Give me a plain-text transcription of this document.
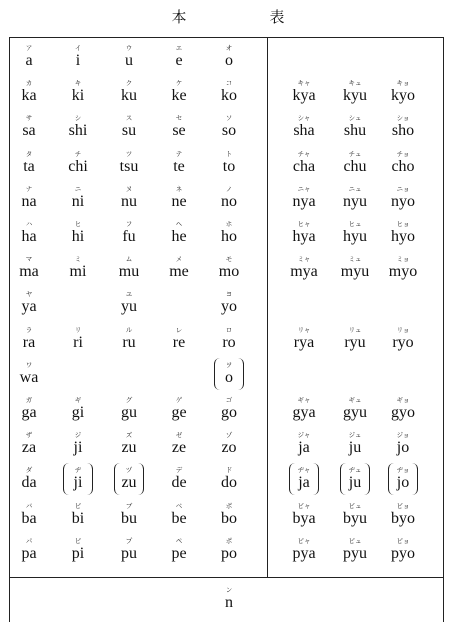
本　表
ア
a
イ
i
ウ
u
エ
e
オ
o
カ
ka
キ
ki
ク
ku
ケ
ke
コ
ko
サ
sa
シ
shi
ス
su
セ
se
ソ
so
タ
ta
チ
chi
ツ
tsu
テ
te
ト
to
ナ
na
ニ
ni
ヌ
nu
ネ
ne
ノ
no
ハ
ha
ヒ
hi
フ
fu
ヘ
he
ホ
ho
マ
ma
ミ
mi
ム
mu
メ
me
モ
mo
ヤ
ya
ユ
yu
ヨ
yo
ラ
ra
リ
ri
ル
ru
レ
re
ロ
ro
ワ
wa
ヲ
o
ガ
ga
ギ
gi
グ
gu
ゲ
ge
ゴ
go
ザ
za
ジ
ji
ズ
zu
ゼ
ze
ゾ
zo
ダ
da
ヂ
ji
ヅ
zu
デ
de
ド
do
バ
ba
ビ
bi
ブ
bu
ベ
be
ボ
bo
パ
pa
ピ
pi
プ
pu
ペ
pe
ポ
po
キャ
kya
キュ
kyu
キョ
kyo
シャ
sha
シュ
shu
ショ
sho
チャ
cha
チュ
chu
チョ
cho
ニャ
nya
ニュ
nyu
ニョ
nyo
ヒャ
hya
ヒュ
hyu
ヒョ
hyo
ミャ
mya
ミュ
myu
ミョ
myo
リャ
rya
リュ
ryu
リョ
ryo
ギャ
gya
ギュ
gyu
ギョ
gyo
ジャ
ja
ジュ
ju
ジョ
jo
ヂャ
ja
ヂュ
ju
ヂョ
jo
ビャ
bya
ビュ
byu
ビョ
byo
ピャ
pya
ピュ
pyu
ピョ
pyo
ン
n
